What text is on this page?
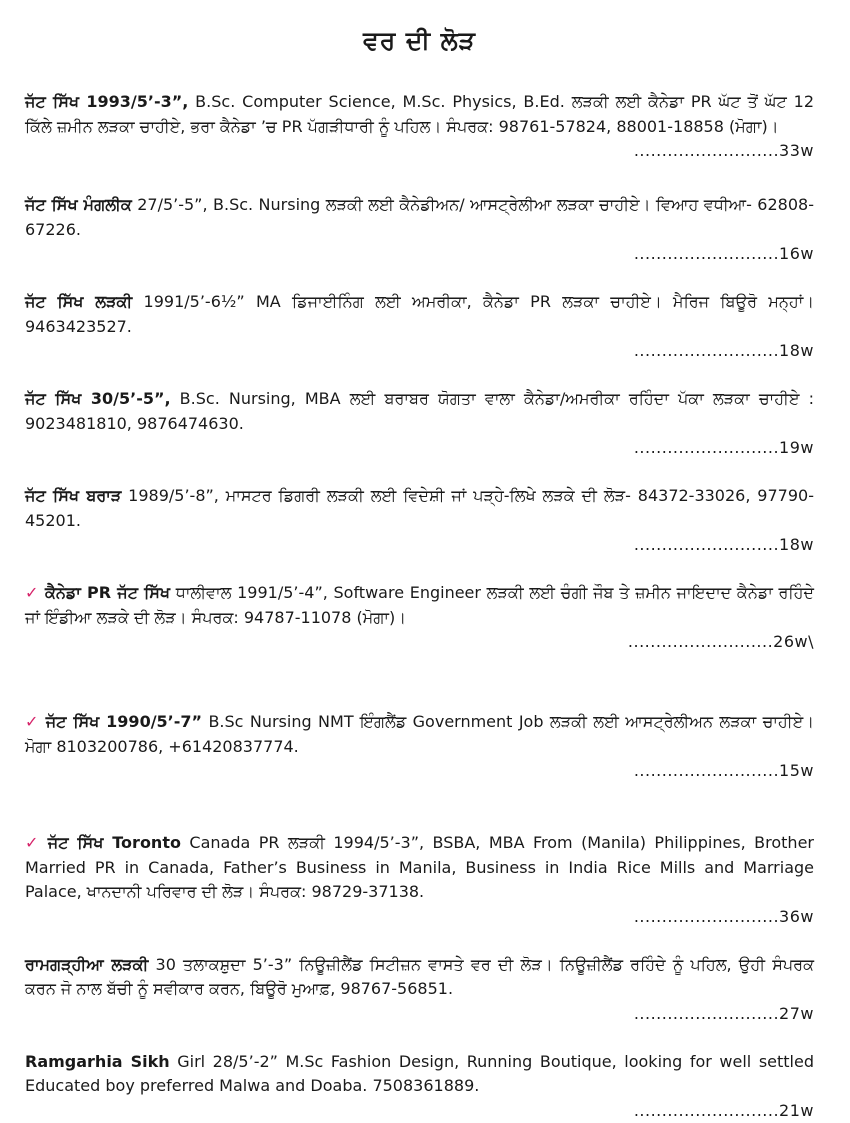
ਵਰ ਦੀ ਲੋੜ
ਜੱਟ ਸਿੱਖ 1993/5’-3”, B.Sc. Computer Science, M.Sc. Physics, B.Ed. ਲੜਕੀ ਲਈ ਕੈਨੇਡਾ PR ਘੱਟ ਤੋਂ ਘੱਟ 12 ਕਿੱਲੇ ਜ਼ਮੀਨ ਲੜਕਾ ਚਾਹੀਏ, ਭਰਾ ਕੈਨੇਡਾ ’ਚ PR ਪੱਗੜੀਧਾਰੀ ਨੂੰ ਪਹਿਲ। ਸੰਪਰਕ: 98761-57824, 88001-18858 (ਮੋਗਾ)।
..........................33w
ਜੱਟ ਸਿੱਖ ਮੰਗਲੀਕ 27/5’-5”, B.Sc. Nursing ਲੜਕੀ ਲਈ ਕੈਨੇਡੀਅਨ/ ਆਸਟ੍ਰੇਲੀਆ ਲੜਕਾ ਚਾਹੀਏ। ਵਿਆਹ ਵਧੀਆ- 62808-67226.
..........................16w
ਜੱਟ ਸਿੱਖ ਲੜਕੀ 1991/5’-6½” MA ਡਿਜਾਈਨਿੰਗ ਲਈ ਅਮਰੀਕਾ, ਕੈਨੇਡਾ PR ਲੜਕਾ ਚਾਹੀਏ। ਮੈਰਿਜ ਬਿਊਰੋ ਮਨ੍ਹਾਂ। 9463423527.
..........................18w
ਜੱਟ ਸਿੱਖ 30/5’-5”, B.Sc. Nursing, MBA ਲਈ ਬਰਾਬਰ ਯੋਗਤਾ ਵਾਲਾ ਕੈਨੇਡਾ/ਅਮਰੀਕਾ ਰਹਿੰਦਾ ਪੱਕਾ ਲੜਕਾ ਚਾਹੀਏ : 9023481810, 9876474630.
..........................19w
ਜੱਟ ਸਿੱਖ ਬਰਾੜ 1989/5’-8”, ਮਾਸਟਰ ਡਿਗਰੀ ਲੜਕੀ ਲਈ ਵਿਦੇਸ਼ੀ ਜਾਂ ਪੜ੍ਹੇ-ਲਿਖੇ ਲੜਕੇ ਦੀ ਲੋੜ- 84372-33026, 97790-45201.
..........................18w
✓ ਕੈਨੇਡਾ PR ਜੱਟ ਸਿੱਖ ਧਾਲੀਵਾਲ 1991/5’-4”, Software Engineer ਲੜਕੀ ਲਈ ਚੰਗੀ ਜੌਬ ਤੇ ਜ਼ਮੀਨ ਜਾਇਦਾਦ ਕੈਨੇਡਾ ਰਹਿੰਦੇ ਜਾਂ ਇੰਡੀਆ ਲੜਕੇ ਦੀ ਲੋੜ। ਸੰਪਰਕ: 94787-11078 (ਮੋਗਾ)।
..........................26w\
✓ ਜੱਟ ਸਿੱਖ 1990/5’-7” B.Sc Nursing NMT ਇੰਗਲੈਂਡ Government Job ਲੜਕੀ ਲਈ ਆਸਟ੍ਰੇਲੀਅਨ ਲੜਕਾ ਚਾਹੀਏ। ਮੋਗਾ 8103200786, +61420837774.
..........................15w
✓ ਜੱਟ ਸਿੱਖ Toronto Canada PR ਲੜਕੀ 1994/5’-3”, BSBA, MBA From (Manila) Philippines, Brother Married PR in Canada, Father’s Business in Manila, Business in India Rice Mills and Marriage Palace, ਖਾਨਦਾਨੀ ਪਰਿਵਾਰ ਦੀ ਲੋੜ। ਸੰਪਰਕ: 98729-37138.
..........................36w
ਰਾਮਗੜ੍ਹੀਆ ਲੜਕੀ 30 ਤਲਾਕਸ਼ੁਦਾ 5’-3” ਨਿਊਜ਼ੀਲੈਂਡ ਸਿਟੀਜ਼ਨ ਵਾਸਤੇ ਵਰ ਦੀ ਲੋੜ। ਨਿਊਜ਼ੀਲੈਂਡ ਰਹਿੰਦੇ ਨੂੰ ਪਹਿਲ, ਉਹੀ ਸੰਪਰਕ ਕਰਨ ਜੋ ਨਾਲ ਬੱਚੀ ਨੂੰ ਸਵੀਕਾਰ ਕਰਨ, ਬਿਊਰੋ ਮੁਆਫ਼, 98767-56851.
..........................27w
Ramgarhia Sikh Girl 28/5’-2” M.Sc Fashion Design, Running Boutique, looking for well settled Educated boy preferred Malwa and Doaba. 7508361889.
..........................21w
